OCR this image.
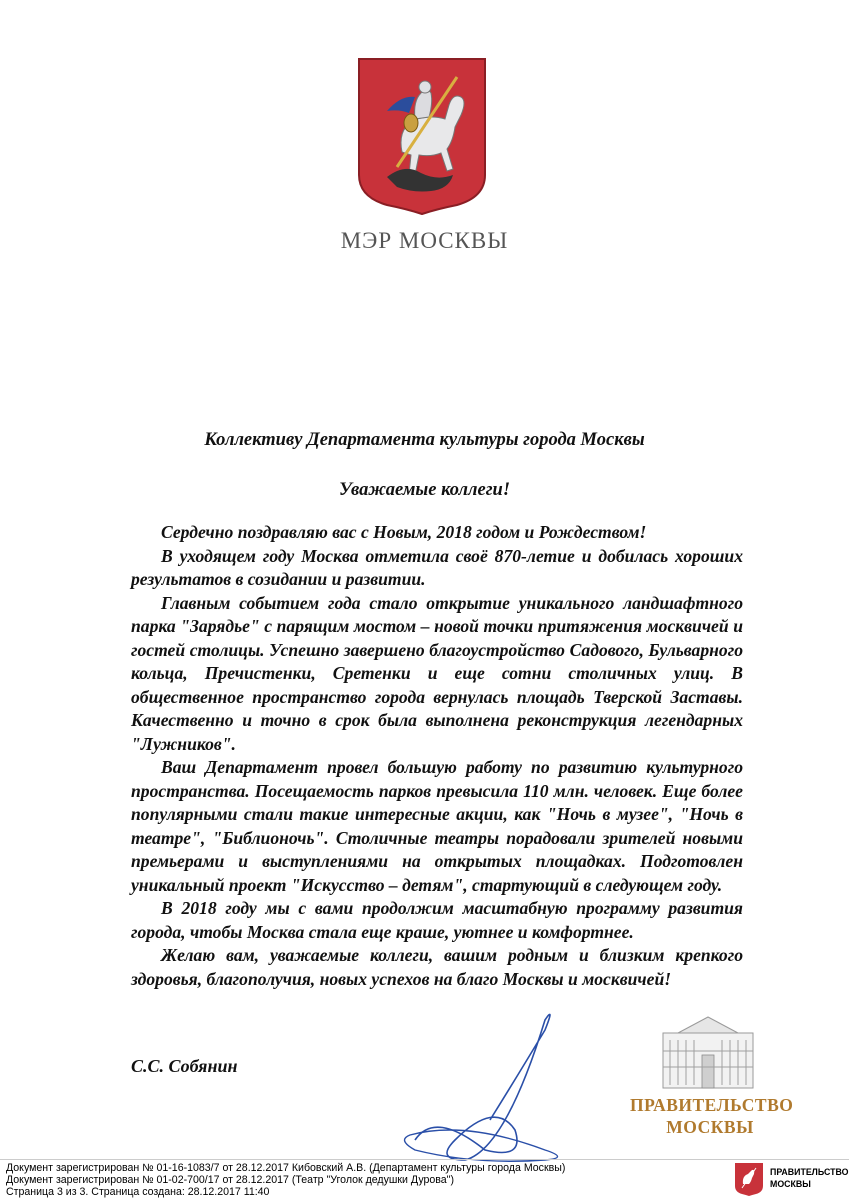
МЭР МОСКВЫ
Коллективу Департамента культуры города Москвы
Уважаемые коллеги!

Сердечно поздравляю вас с Новым, 2018 годом и Рождеством!

В уходящем году Москва отметила своё 870-летие и добилась хороших результатов в созидании и развитии.

Главным событием года стало открытие уникального ландшафтного парка "Зарядье" с парящим мостом – новой точки притяжения москвичей и гостей столицы. Успешно завершено благоустройство Садового, Бульварного кольца, Пречистенки, Сретенки и еще сотни столичных улиц. В общественное пространство города вернулась площадь Тверской Заставы. Качественно и точно в срок была выполнена реконструкция легендарных "Лужников".

Ваш Департамент провел большую работу по развитию культурного пространства. Посещаемость парков превысила 110 млн. человек. Еще более популярными стали такие интересные акции, как "Ночь в музее", "Ночь в театре", "Библионочь". Столичные театры порадовали зрителей новыми премьерами и выступлениями на открытых площадках. Подготовлен уникальный проект "Искусство – детям", стартующий в следующем году.

В 2018 году мы с вами продолжим масштабную программу развития города, чтобы Москва стала еще краше, уютнее и комфортнее.

Желаю вам, уважаемые коллеги, вашим родным и близким крепкого здоровья, благополучия, новых успехов на благо Москвы и москвичей!

С.С. Собянин
ПРАВИТЕЛЬСТВО
МОСКВЫ
Документ зарегистрирован № 01-16-1083/7 от 28.12.2017 Кибовский А.В. (Департамент культуры города Москвы)
Документ зарегистрирован № 01-02-700/17 от 28.12.2017 (Театр "Уголок дедушки Дурова")
Страница 3 из 3. Страница создана: 28.12.2017 11:40
ПРАВИТЕЛЬСТВО
МОСКВЫ
